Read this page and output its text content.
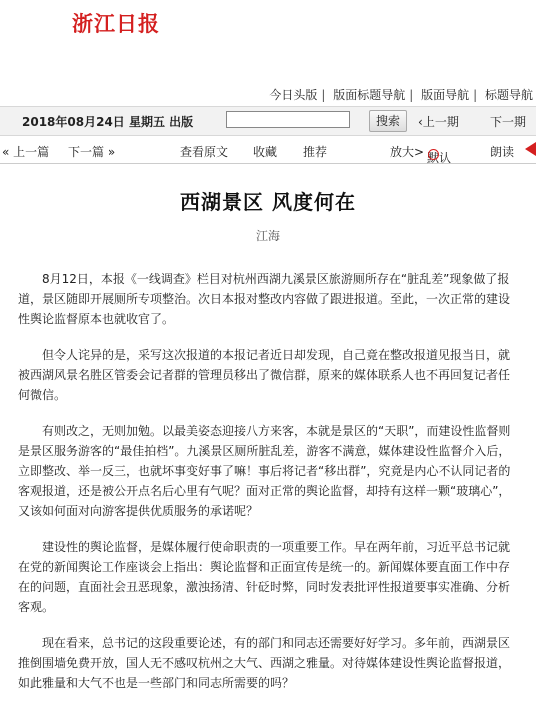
浙江日报
今日头版 | 版面标题导航 | 版面导航 | 标题导航
2018年08月24日 星期五 出版	搜索	‹上一期	下一期
« 上一篇 下一篇 »	查看原文 收藏 推荐	放大> 默认	朗读
西湖景区 风度何在
江海

8月12日，本报《一线调查》栏目对杭州西湖九溪景区旅游厕所存在“脏乱差”现象做了报道，景区随即开展厕所专项整治。次日本报对整改内容做了跟进报道。至此，一次正常的建设性舆论监督原本也就收官了。

但令人诧异的是，采写这次报道的本报记者近日却发现，自己竟在整改报道见报当日，就被西湖风景名胜区管委会记者群的管理员移出了微信群，原来的媒体联系人也不再回复记者任何微信。

有则改之，无则加勉。以最美姿态迎接八方来客，本就是景区的“天职”，而建设性监督则是景区服务游客的“最佳拍档”。九溪景区厕所脏乱差，游客不满意，媒体建设性监督介入后，立即整改、举一反三，也就坏事变好事了嘛！事后将记者“移出群”，究竟是内心不认同记者的客观报道，还是被公开点名后心里有气呢？面对正常的舆论监督，却持有这样一颗“玻璃心”，又该如何面对向游客提供优质服务的承诺呢？

建设性的舆论监督，是媒体履行使命职责的一项重要工作。早在两年前，习近平总书记就在党的新闻舆论工作座谈会上指出：舆论监督和正面宣传是统一的。新闻媒体要直面工作中存在的问题，直面社会丑恶现象，激浊扬清、针砭时弊，同时发表批评性报道要事实准确、分析客观。

现在看来，总书记的这段重要论述，有的部门和同志还需要好好学习。多年前，西湖景区推倒围墙免费开放，国人无不感叹杭州之大气、西湖之雅量。对待媒体建设性舆论监督报道，如此雅量和大气不也是一些部门和同志所需要的吗？
